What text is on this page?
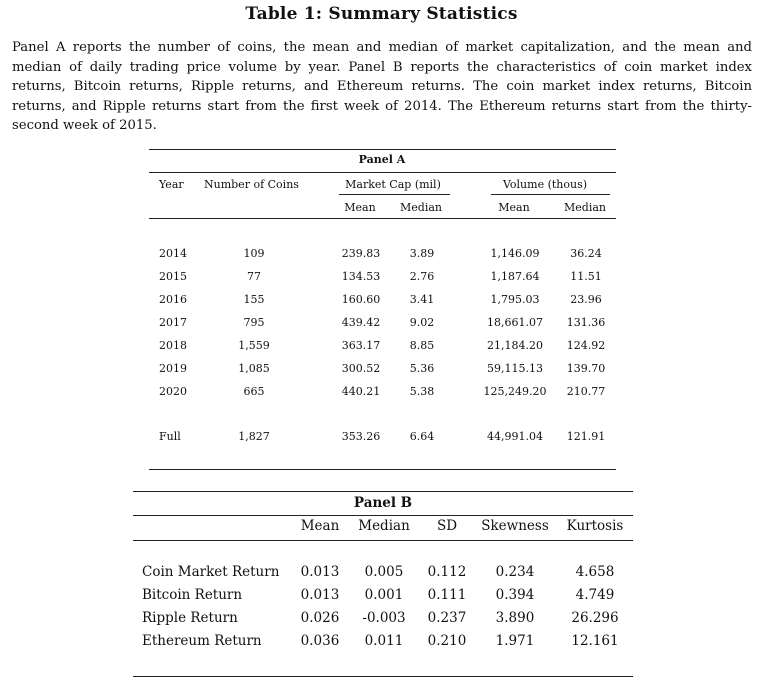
Table 1: Summary Statistics
Panel A reports the number of coins, the mean and median of market capitalization, and the mean and median of daily trading price volume by year. Panel B reports the characteristics of coin market index returns, Bitcoin returns, Ripple returns, and Ethereum returns. The coin market index returns, Bitcoin returns, and Ripple returns start from the first week of 2014. The Ethereum returns start from the thirty-second week of 2015.
Panel A
Year Number of Coins	Market Cap (mil)	Volume (thous)
Mean Median	Mean	Median
2014	109	239.83	3.89	1,146.09	36.24
2015	77	134.53	2.76	1,187.64	11.51
2016	155	160.60	3.41	1,795.03	23.96
2017	795	439.42	9.02	18,661.07 131.36
2018	1,559	363.17	8.85	21,184.20 124.92
2019	1,085	300.52	5.36	59,115.13 139.70
2020	665	440.21	5.38	125,249.20 210.77
Full	1,827	353.26	6.64	44,991.04 121.91
Panel B
Mean Median SD Skewness Kurtosis
Coin Market Return 0.013 0.005 0.112 0.234	4.658
Bitcoin Return	0.013 0.001 0.111 0.394	4.749
Ripple Return	0.026 -0.003 0.237 3.890	26.296
Ethereum Return	0.036 0.011 0.210 1.971	12.161
